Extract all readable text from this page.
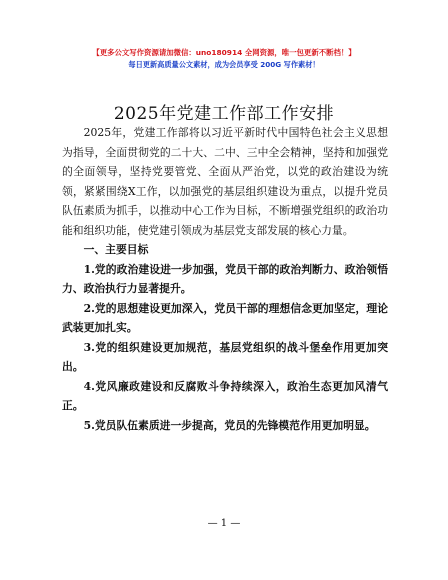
【更多公文写作资源请加微信：uno180914 全网资源，唯一包更新不断档！】
每日更新高质量公文素材，成为会员享受 200G 写作素材！
2025年党建工作部工作安排

2025年，党建工作部将以习近平新时代中国特色社会主义思想为指导，全面贯彻党的二十大、二中、三中全会精神，坚持和加强党的全面领导，坚持党要管党、全面从严治党，以党的政治建设为统领，紧紧围绕X工作，以加强党的基层组织建设为重点，以提升党员队伍素质为抓手，以推动中心工作为目标，不断增强党组织的政治功能和组织功能，使党建引领成为基层党支部发展的核心力量。

一、主要目标

1.党的政治建设进一步加强，党员干部的政治判断力、政治领悟力、政治执行力显著提升。

2.党的思想建设更加深入，党员干部的理想信念更加坚定，理论武装更加扎实。

3.党的组织建设更加规范，基层党组织的战斗堡垒作用更加突出。

4.党风廉政建设和反腐败斗争持续深入，政治生态更加风清气正。

5.党员队伍素质进一步提高，党员的先锋模范作用更加明显。

— 1 —
